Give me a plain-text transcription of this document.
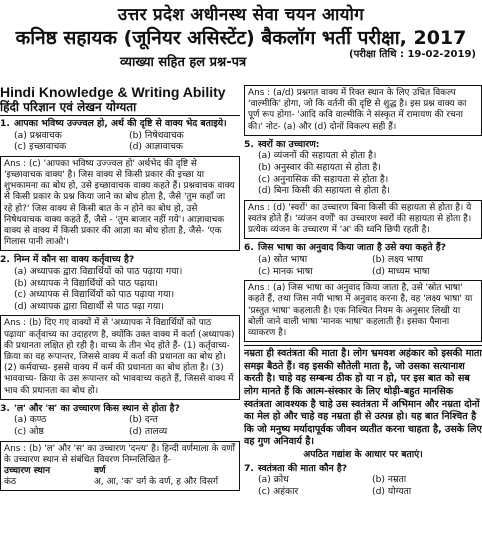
उत्तर प्रदेश अधीनस्थ सेवा चयन आयोग
कनिष्ठ सहायक (जूनियर असिस्टेंट) बैकलॉग भर्ती परीक्षा, 2017
(परीक्षा तिथि : 19-02-2019)
व्याख्या सहित हल प्रश्न-पत्र
Hindi Knowledge & Writing Ability
हिंदी परिज्ञान एवं लेखन योग्यता
1. आपका भविष्य उज्ज्वल हो, अर्थ की दृष्टि से वाक्य भेद बताइये।
(a) प्रश्नवाचक	(b) निषेधवाचक
(c) इच्छावाचक	(d) आज्ञावाचक
Ans : (c) 'आपका भविष्य उज्ज्वल हो' अर्थभेद की दृष्टि से 'इच्छावाचक वाक्य' है। जिस वाक्य से किसी प्रकार की इच्छा या शुभकामना का बोध हो, उसे इच्छावाचक वाक्य कहते हैं। प्रश्नवाचक वाक्य से किसी प्रकार के प्रश्न किया जाने का बोध होता है, जैसे 'तुम कहाँ जा रहे हो?' जिस वाक्य से किसी बात के न होने का बोध हो, उसे निषेधवाचक वाक्य कहते हैं, जैसे - 'तुम बाजार नहीं गये'। आज्ञावाचक वाक्य से वाक्य में किसी प्रकार की आज्ञा का बोध होता है, जैसे- 'एक गिलास पानी लाओ'।
2. निम्न में कौन सा वाक्य कर्तृवाच्य है?
(a) अध्यापक द्वारा विद्यार्थियों को पाठ पढ़ाया गया।
(b) अध्यापक ने विद्यार्थियों को पाठ पढ़ाया।
(c) अध्यापक से विद्यार्थियों को पाठ पढ़ाया गया।
(d) अध्यापक द्वारा विद्यार्थी से पाठ पढ़ा गया।
Ans : (b) दिए गए वाक्यों में से 'अध्यापक ने विद्यार्थियों को पाठ पढ़ाया' कर्तृवाच्य का उदाहरण है, क्योंकि उक्त वाक्य में कर्ता (अध्यापक) की प्रधानता लक्षित हो रही है। वाच्य के तीन भेद होते हैं- (1) कर्तृवाच्य- क्रिया का वह रूपान्तर, जिससे वाक्य में कर्ता की प्रधानता का बोध हो। (2) कर्मवाच्य- इससे वाक्य में कर्म की प्रधानता का बोध होता है। (3) भाववाच्य- क्रिया के उस रूपान्तर को भाववाच्य कहते हैं, जिससे वाक्य में भाव की प्रधानता का बोध हो।
3. 'ल' और 'स' का उच्चारण किस स्थान से होता है?
(a) कण्ठ	(b) दन्त
(c) ओष्ठ	(d) तालव्य
Ans : (b) 'ल' और 'स' का उच्चारण 'दन्त्य' है। हिन्दी वर्णमाला के वर्णों के उच्चारण स्थान से संबंधित विवरण निम्नलिखित है-
उच्चारण स्थान	वर्ण
कंठ	अ, आ, 'क' वर्ग के वर्ण, ह और विसर्ग
Ans : (a/d) प्रश्नगत वाक्य में रिक्त स्थान के लिए उचित विकल्प 'वाल्मीकि' होगा, जो कि वर्तनी की दृष्टि से शुद्ध है। इस प्रश्न वाक्य का पूर्ण रूप होगा- 'आदि कवि वाल्मीकि ने संस्कृत में रामायण की रचना की।' नोट- (a) और (d) दोनों विकल्प सही हैं।
5. स्वरों का उच्चारण:
(a) व्यंजनों की सहायता से होता है।
(b) अनुस्वार की सहायता से होता है।
(c) अनुनासिक की सहायता से होता है।
(d) बिना किसी की सहायता से होता है।
Ans : (d) 'स्वरों' का उच्चारण बिना किसी की सहायता से होता है। ये स्वतंत्र होते हैं। 'व्यंजन वर्णों' का उच्चारण स्वरों की सहायता से होता है। प्रत्येक व्यंजन के उच्चारण में 'अ' की ध्वनि छिपी रहती है।
6. जिस भाषा का अनुवाद किया जाता है उसे क्या कहते हैं?
(a) स्रोत भाषा	(b) लक्ष्य भाषा
(c) मानक भाषा	(d) माध्यम भाषा
Ans : (a) जिस भाषा का अनुवाद किया जाता है, उसे 'स्रोत भाषा' कहते हैं, तथा जिस नयी भाषा में अनुवाद करना है, वह 'लक्ष्य भाषा' या 'प्रस्तुत भाषा' कहलाती है। एक निश्चित नियम के अनुसार लिखी या बोली जाने वाली भाषा 'मानक भाषा' कहलाती है। इसका पैमाना व्याकरण है।
नम्रता ही स्वतंत्रता की माता है। लोग भ्रमवश अहंकार को इसकी माता समझ बैठते हैं। वह इसकी सौतेली माता है, जो उसका सत्यानाश करती है। चाहे वह सम्बन्ध ठीक हो या न हो, पर इस बात को सब लोग मानते हैं कि आत्म-संस्कार के लिए थोड़ी-बहुत मानसिक स्वतंत्रता आवश्यक है चाहे उस स्वतंत्रता में अभिमान और नम्रता दोनों का मेल हो और चाहे वह नम्रता ही से उत्पन्न हो। यह बात निश्चित है कि जो मनुष्य मर्यादापूर्वक जीवन व्यतीत करना चाहता है, उसके लिए वह गुण अनिवार्य है।
अपठित गद्यांश के आधार पर बताएं।
7. स्वतंत्रता की माता कौन है?
(a) क्रोध	(b) नम्रता
(c) अहंकार	(d) योग्यता
